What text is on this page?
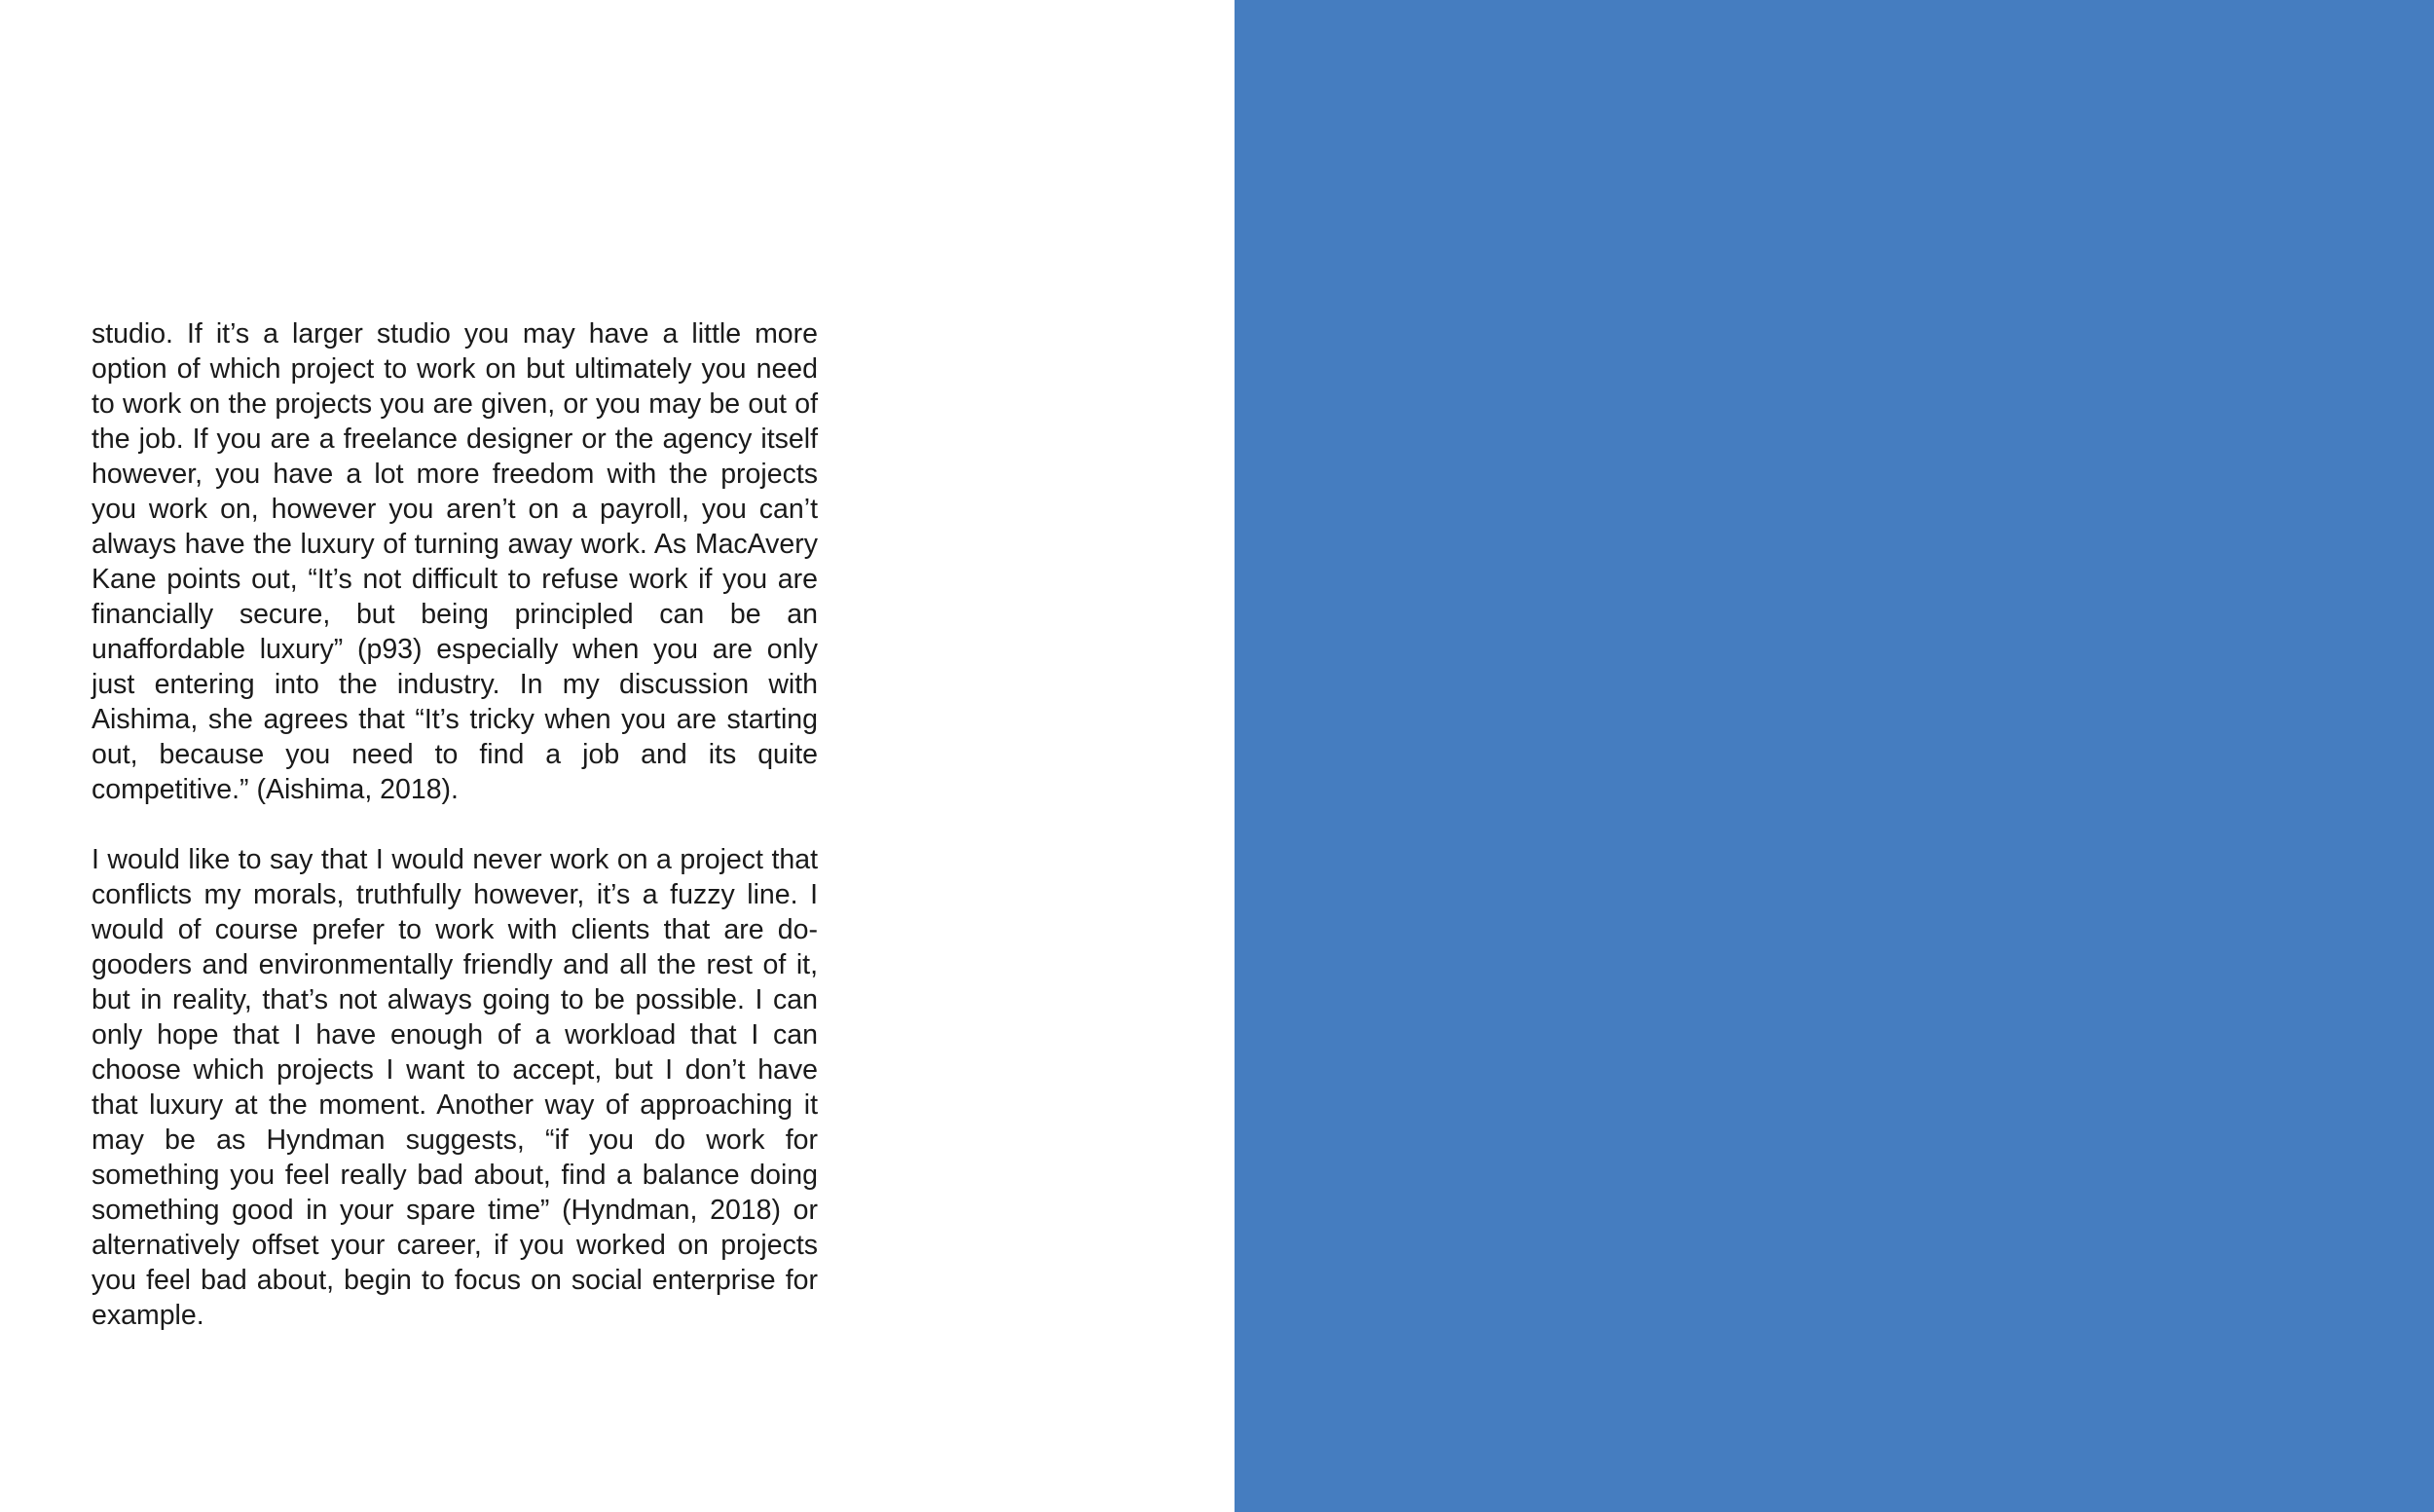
studio. If it’s a larger studio you may have a little more option of which project to work on but ultimately you need to work on the projects you are given, or you may be out of the job. If you are a freelance designer or the agency itself however, you have a lot more freedom with the projects you work on, however you aren’t on a payroll, you can’t always have the luxury of turning away work. As MacAvery Kane points out, “It’s not difficult to refuse work if you are financially secure, but being principled can be an unaffordable luxury” (p93) especially when you are only just entering into the industry. In my discussion with Aishima, she agrees that “It’s tricky when you are starting out, because you need to find a job and its quite competitive.” (Aishima, 2018).

I would like to say that I would never work on a project that conflicts my morals, truthfully however, it’s a fuzzy line. I would of course prefer to work with clients that are do-gooders and environmentally friendly and all the rest of it, but in reality, that’s not always going to be possible. I can only hope that I have enough of a workload that I can choose which projects I want to accept, but I don’t have that luxury at the moment. Another way of approaching it may be as Hyndman suggests, “if you do work for something you feel really bad about, find a balance doing something good in your spare time” (Hyndman, 2018) or alternatively offset your career, if you worked on projects you feel bad about, begin to focus on social enterprise for example.
